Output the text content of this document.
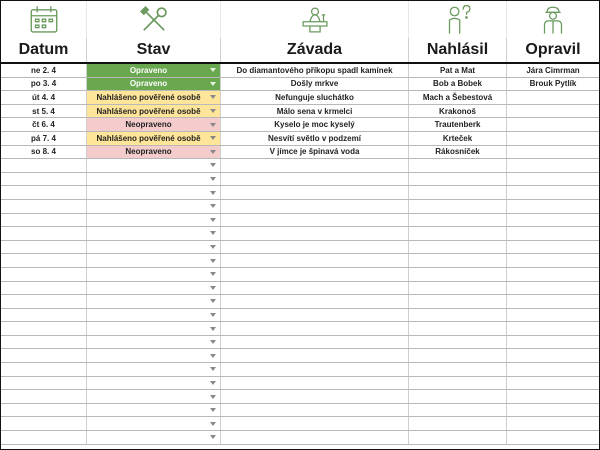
Datum	Stav	Závada	Nahlásil	Opravil
ne 2. 4	Opraveno	Do diamantového příkopu spadl kamínek	Pat a Mat	Jára Cimrman
po 3. 4	Opraveno	Došly mrkve	Bob a Bobek	Brouk Pytlík
út 4. 4	Nahlášeno pověřené osobě	Nefunguje sluchátko	Mach a Šebestová
st 5. 4	Nahlášeno pověřené osobě	Málo sena v krmelci	Krakonoš
čt 6. 4	Neopraveno	Kyselo je moc kyselý	Trautenberk
pá 7. 4	Nahlášeno pověřené osobě	Nesvítí světlo v podzemí	Krteček
so 8. 4	Neopraveno	V jímce je špinavá voda	Rákosníček
